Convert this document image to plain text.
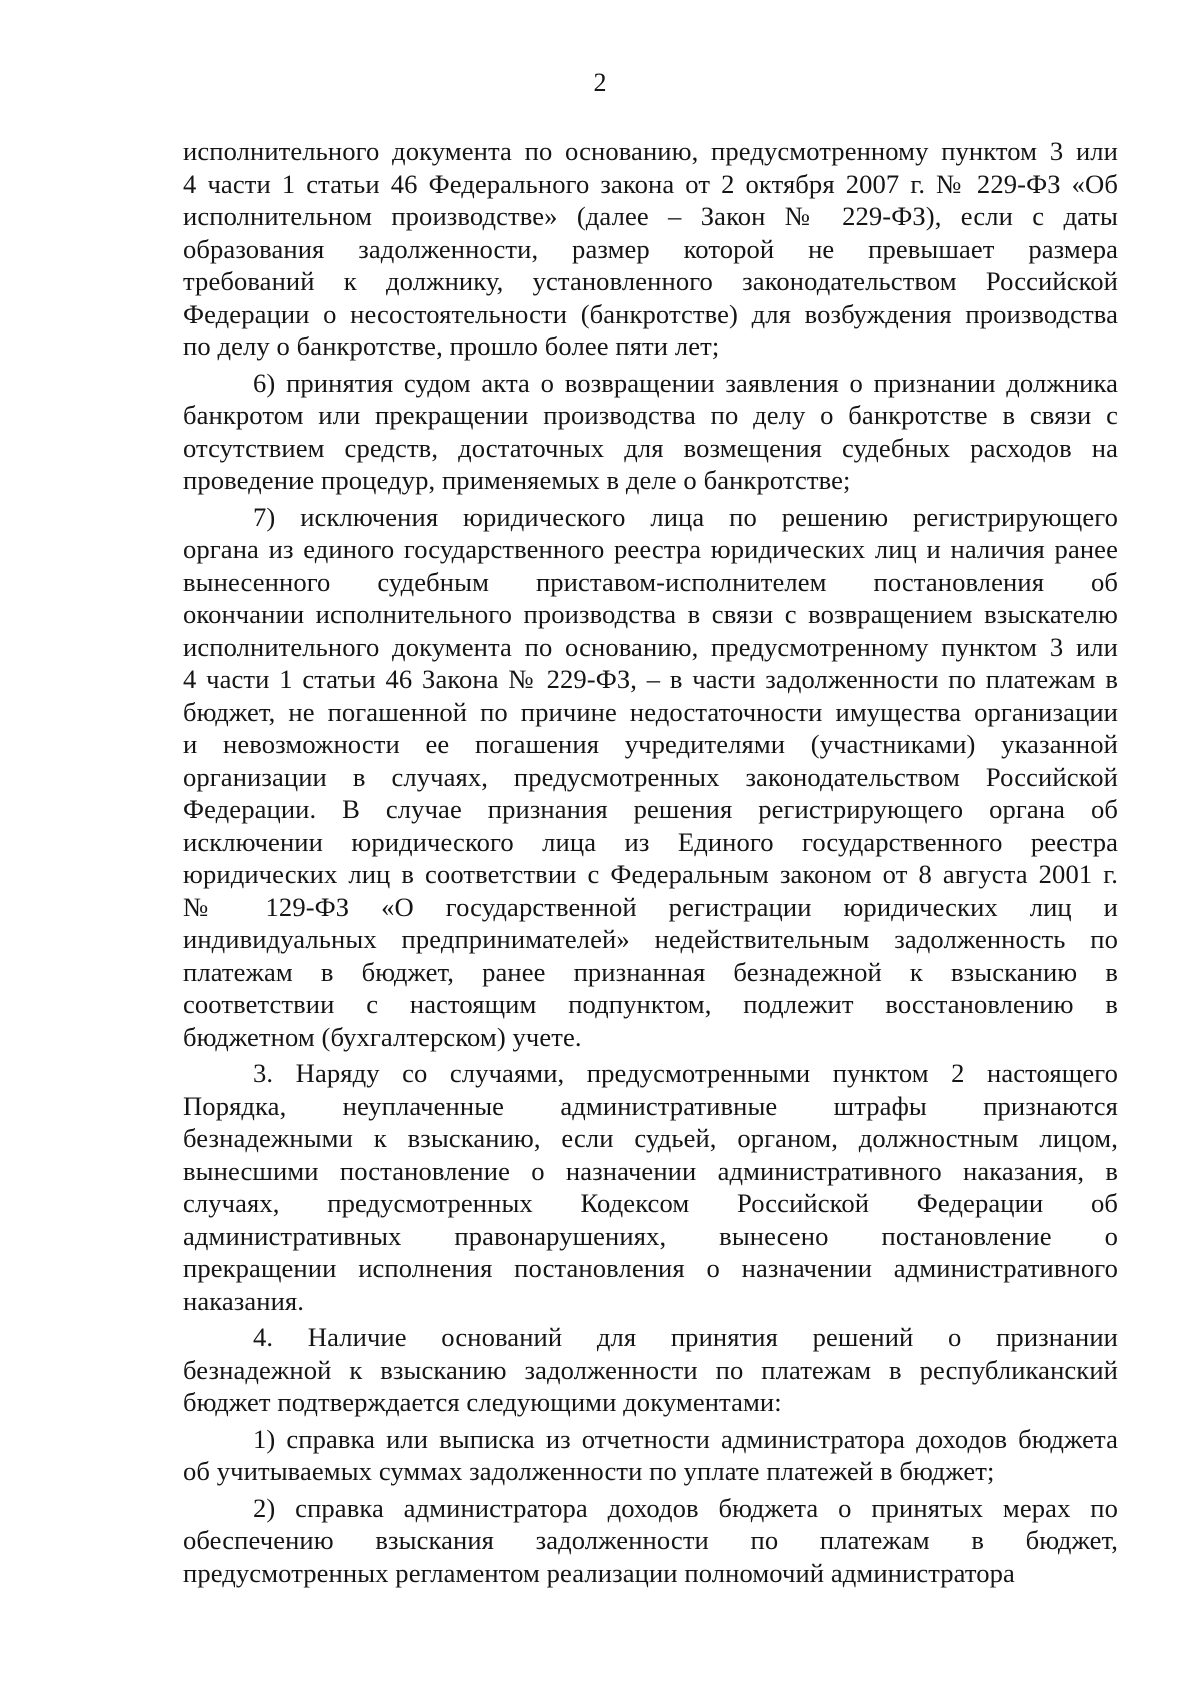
2
исполнительного документа по основанию, предусмотренному пунктом 3 или
4 части 1 статьи 46 Федерального закона от 2 октября 2007 г. № 229-ФЗ «Об
исполнительном производстве» (далее – Закон № 229-ФЗ), если с даты
образования задолженности, размер которой не превышает размера
требований к должнику, установленного законодательством Российской
Федерации о несостоятельности (банкротстве) для возбуждения производства
по делу о банкротстве, прошло более пяти лет;
6) принятия судом акта о возвращении заявления о признании должника
банкротом или прекращении производства по делу о банкротстве в связи с
отсутствием средств, достаточных для возмещения судебных расходов на
проведение процедур, применяемых в деле о банкротстве;
7) исключения юридического лица по решению регистрирующего
органа из единого государственного реестра юридических лиц и наличия ранее
вынесенного судебным приставом-исполнителем постановления об
окончании исполнительного производства в связи с возвращением взыскателю
исполнительного документа по основанию, предусмотренному пунктом 3 или
4 части 1 статьи 46 Закона № 229-ФЗ, – в части задолженности по платежам в
бюджет, не погашенной по причине недостаточности имущества организации
и невозможности ее погашения учредителями (участниками) указанной
организации в случаях, предусмотренных законодательством Российской
Федерации. В случае признания решения регистрирующего органа об
исключении юридического лица из Единого государственного реестра
юридических лиц в соответствии с Федеральным законом от 8 августа 2001 г.
№ 129-ФЗ «О государственной регистрации юридических лиц и
индивидуальных предпринимателей» недействительным задолженность по
платежам в бюджет, ранее признанная безнадежной к взысканию в
соответствии с настоящим подпунктом, подлежит восстановлению в
бюджетном (бухгалтерском) учете.
3. Наряду со случаями, предусмотренными пунктом 2 настоящего
Порядка, неуплаченные административные штрафы признаются
безнадежными к взысканию, если судьей, органом, должностным лицом,
вынесшими постановление о назначении административного наказания, в
случаях, предусмотренных Кодексом Российской Федерации об
административных правонарушениях, вынесено постановление о
прекращении исполнения постановления о назначении административного
наказания.
4. Наличие оснований для принятия решений о признании
безнадежной к взысканию задолженности по платежам в республиканский
бюджет подтверждается следующими документами:
1) справка или выписка из отчетности администратора доходов бюджета
об учитываемых суммах задолженности по уплате платежей в бюджет;
2) справка администратора доходов бюджета о принятых мерах по
обеспечению взыскания задолженности по платежам в бюджет,
предусмотренных регламентом реализации полномочий администратора
